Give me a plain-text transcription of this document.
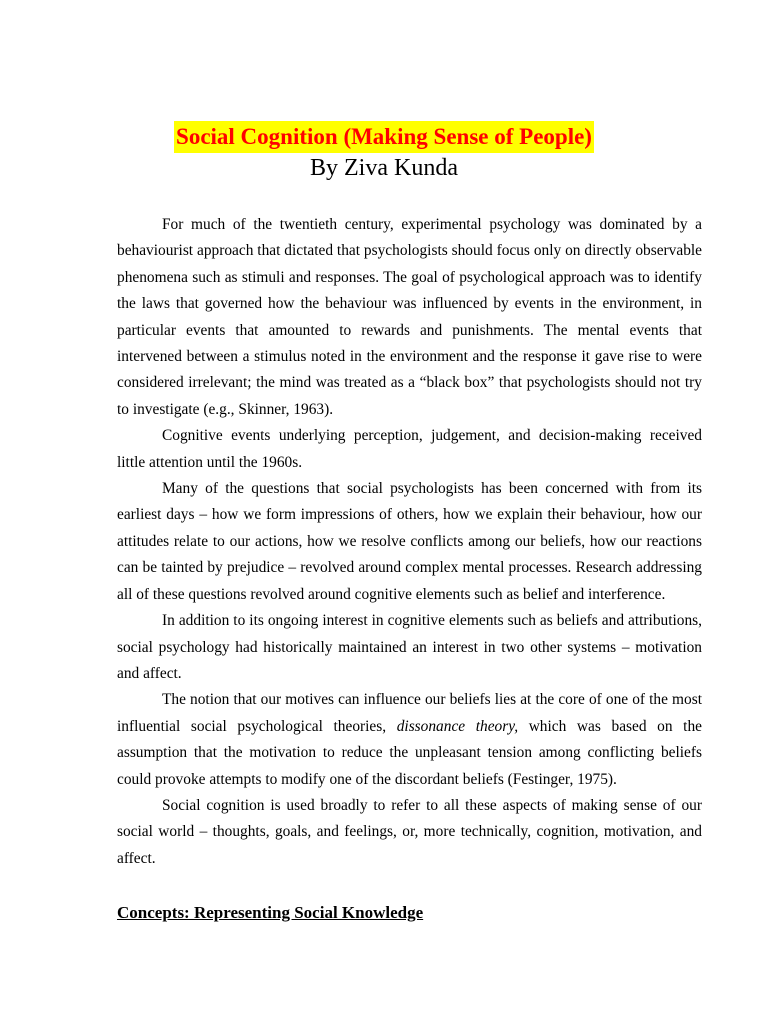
Social Cognition (Making Sense of People)
By Ziva Kunda

For much of the twentieth century, experimental psychology was dominated by a behaviourist approach that dictated that psychologists should focus only on directly observable phenomena such as stimuli and responses. The goal of psychological approach was to identify the laws that governed how the behaviour was influenced by events in the environment, in particular events that amounted to rewards and punishments. The mental events that intervened between a stimulus noted in the environment and the response it gave rise to were considered irrelevant; the mind was treated as a “black box” that psychologists should not try to investigate (e.g., Skinner, 1963).

Cognitive events underlying perception, judgement, and decision-making received little attention until the 1960s.

Many of the questions that social psychologists has been concerned with from its earliest days – how we form impressions of others, how we explain their behaviour, how our attitudes relate to our actions, how we resolve conflicts among our beliefs, how our reactions can be tainted by prejudice – revolved around complex mental processes. Research addressing all of these questions revolved around cognitive elements such as belief and interference.

In addition to its ongoing interest in cognitive elements such as beliefs and attributions, social psychology had historically maintained an interest in two other systems – motivation and affect.

The notion that our motives can influence our beliefs lies at the core of one of the most influential social psychological theories, dissonance theory, which was based on the assumption that the motivation to reduce the unpleasant tension among conflicting beliefs could provoke attempts to modify one of the discordant beliefs (Festinger, 1975).

Social cognition is used broadly to refer to all these aspects of making sense of our social world – thoughts, goals, and feelings, or, more technically, cognition, motivation, and affect.

Concepts: Representing Social Knowledge
